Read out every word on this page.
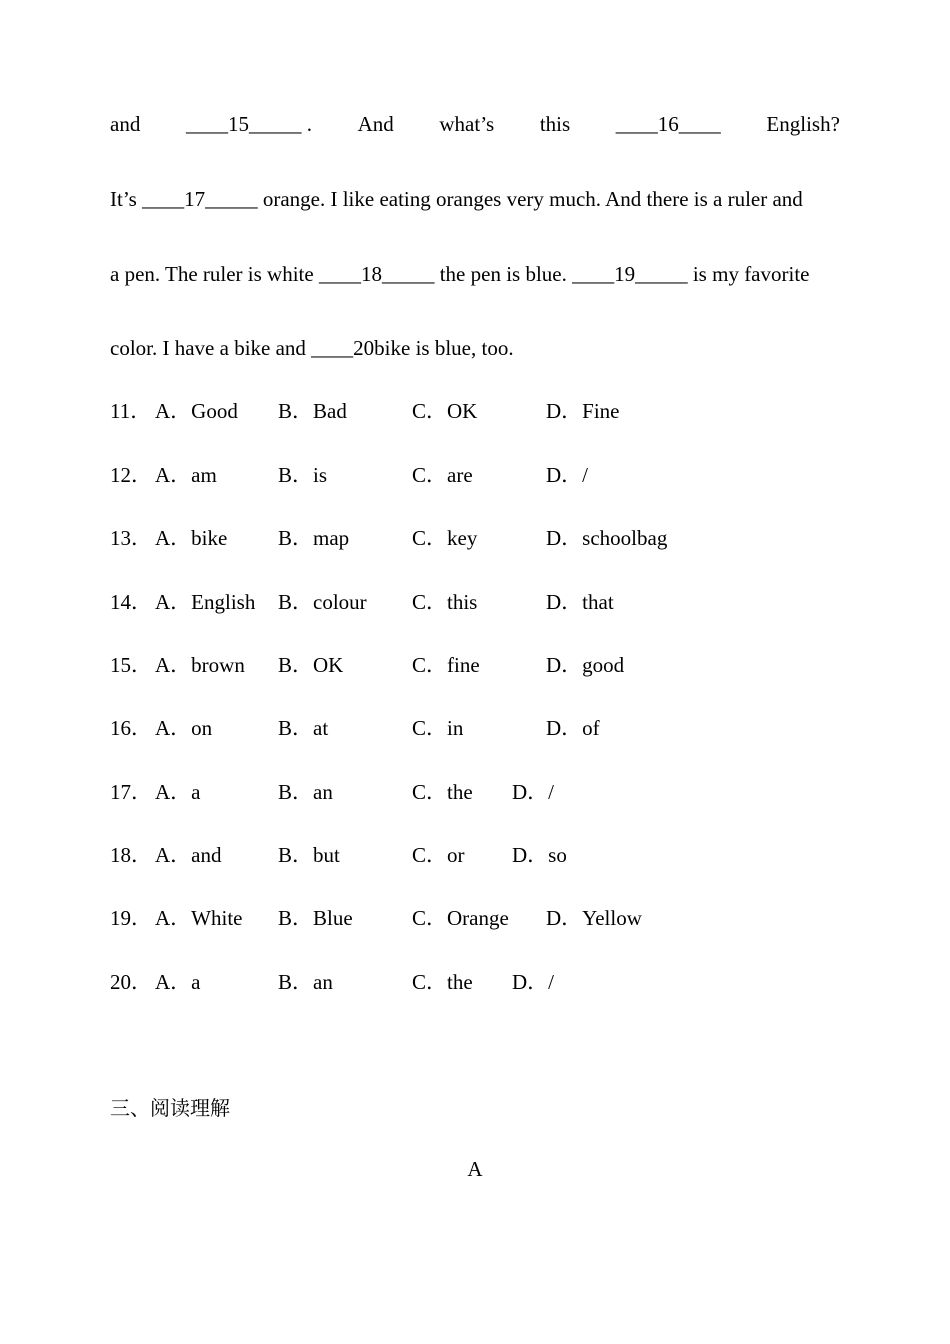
and ____15_____ . And what’s this ____16____ English?
It’s ____17_____ orange. I like eating oranges very much. And there is a ruler and
a pen. The ruler is white ____18_____ the pen is blue. ____19_____ is my favorite
color. I have a bike and ____20bike is blue, too.
11． A．Good B．Bad	C．OK	D．Fine
12． A．am	B．is	C．are	D．/
13． A．bike B．map	C．key	D．schoolbag
14． A．English B．colour C．this	D．that
15． A．brown B．OK	C．fine	D．good
16． A．on	B．at	C．in	D．of
17． A．a	B．an	C．the D．/
18． A．and	B．but	C．or D．so
19． A．White B．Blue	C．Orange D．Yellow
20． A．a	B．an	C．the D．/
三、阅读理解
A
